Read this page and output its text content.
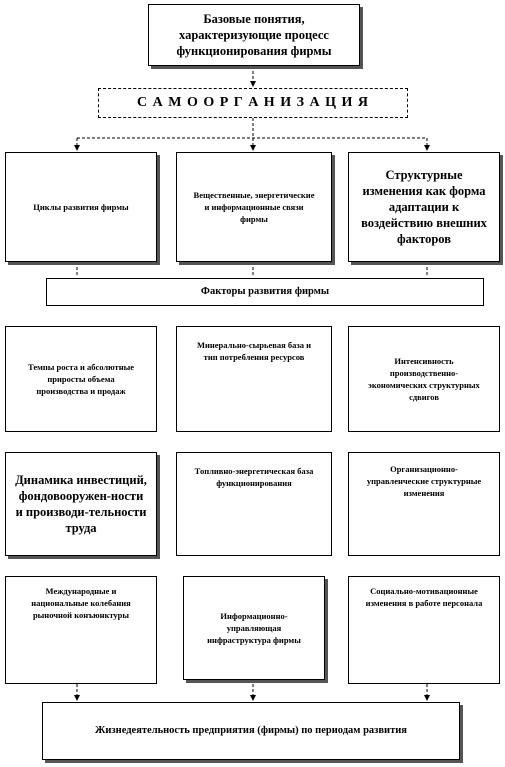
Базовые понятия, характеризующие процесс функционирования фирмы
С А М О О Р Г А Н И З А Ц И Я
Циклы развития фирмы
Вещественные, энергетические и информационные связи фирмы
Структурные изменения как форма адаптации к воздействию внешних факторов
Факторы развития фирмы
Темпы роста и абсолютные приросты объема производства и продаж
Минерально-сырьевая база и тип потребления ресурсов	Интенсивность производственно-экономических структурных сдвигов
Динамика инвестиций, фондовооружен-ности и производи-тельности труда
Топливно-энергетическая база функционирования
Организационно-управленческие структурные изменения
Международные и национальные колебания рыночной конъюнктуры	Информационно-управляющая инфраструктура фирмы
Социально-мотивационные изменения в работе персонала
Жизнедеятельность предприятия (фирмы) по периодам развития
